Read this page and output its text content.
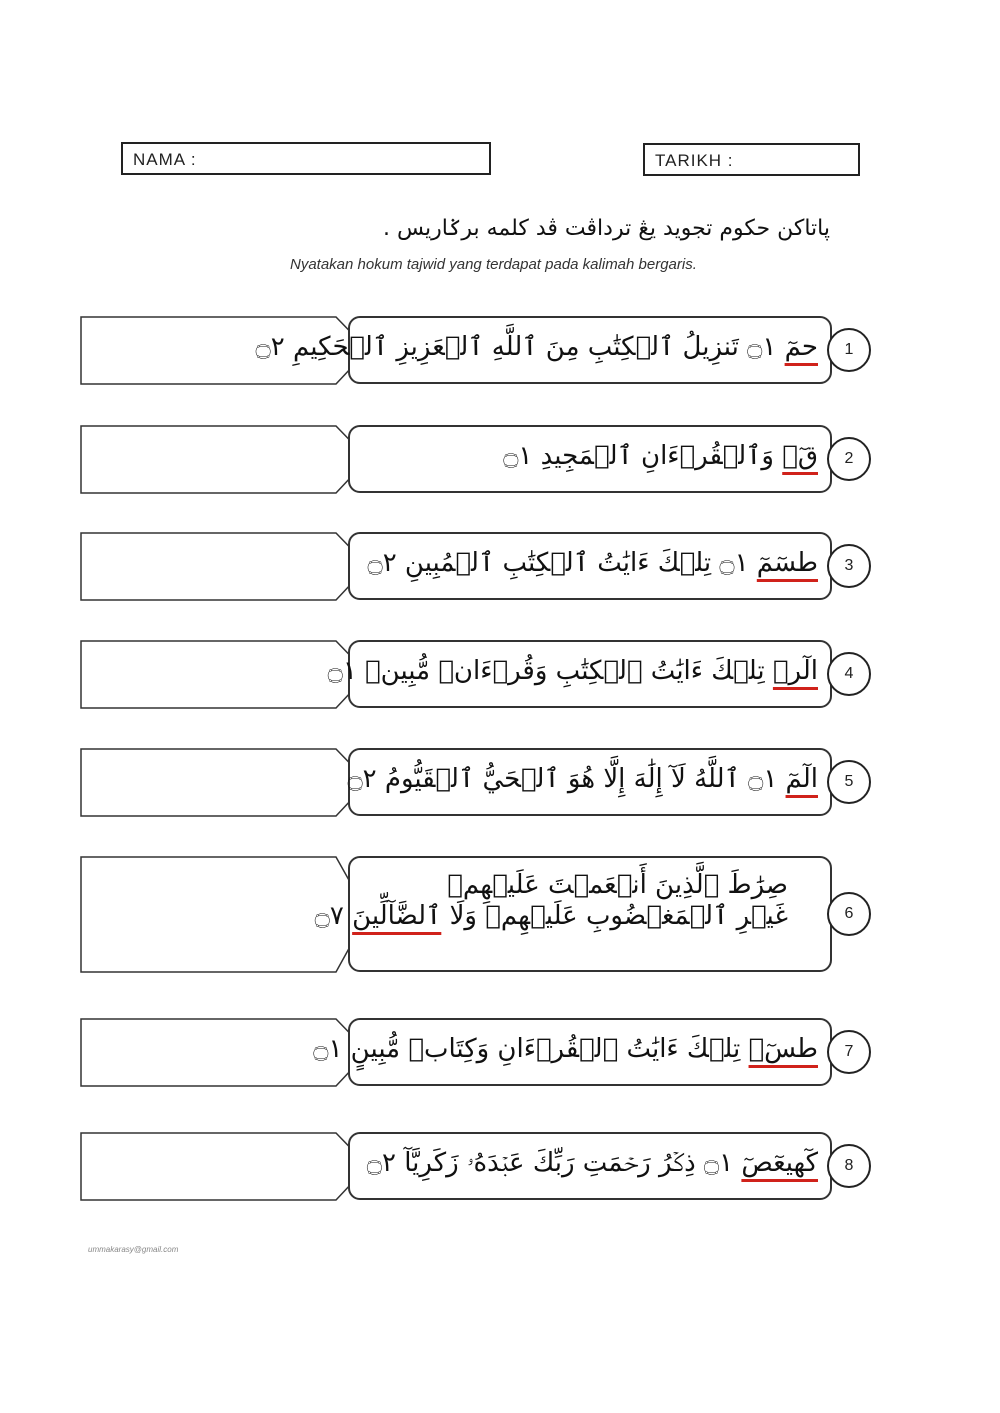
NAMA :	TARIKH :
ڽاتاکن حکوم تجويد يڠ ترداڤت ڤد کلمه برݢاريس .
Nyatakan hokum tajwid yang terdapat pada kalimah bergaris.
حمٓ ۝١ تَنزِيلُ ٱلۡكِتَٰبِ مِنَ ٱللَّهِ ٱلۡعَزِيزِ ٱلۡحَكِيمِ ۝٢	1
قٓۚ وَٱلۡقُرۡءَانِ ٱلۡمَجِيدِ ۝١	2
طسٓمٓ ۝١ تِلۡكَ ءَايَٰتُ ٱلۡكِتَٰبِ ٱلۡمُبِينِ ۝٢	3
الٓرۚ تِلۡكَ ءَايَٰتُ ٱلۡكِتَٰبِ وَقُرۡءَانٖ مُّبِينٖ ۝١	4
الٓمٓ ۝١ ٱللَّهُ لَآ إِلَٰهَ إِلَّا هُوَ ٱلۡحَيُّ ٱلۡقَيُّومُ ۝٢	5
صِرَٰطَ ٱلَّذِينَ أَنۡعَمۡتَ عَلَيۡهِمۡ
غَيۡرِ ٱلۡمَغۡضُوبِ عَلَيۡهِمۡ وَلَا ٱلضَّآلِّينَ ۝٧	6
طسٓۚ تِلۡكَ ءَايَٰتُ ٱلۡقُرۡءَانِ وَكِتَابٖ مُّبِينٍ ۝١	7
كٓهيعٓصٓ ۝١ ذِكۡرُ رَحۡمَتِ رَبِّكَ عَبۡدَهُۥ زَكَرِيَّآ ۝٢	8
ummakarasy@gmail.com
